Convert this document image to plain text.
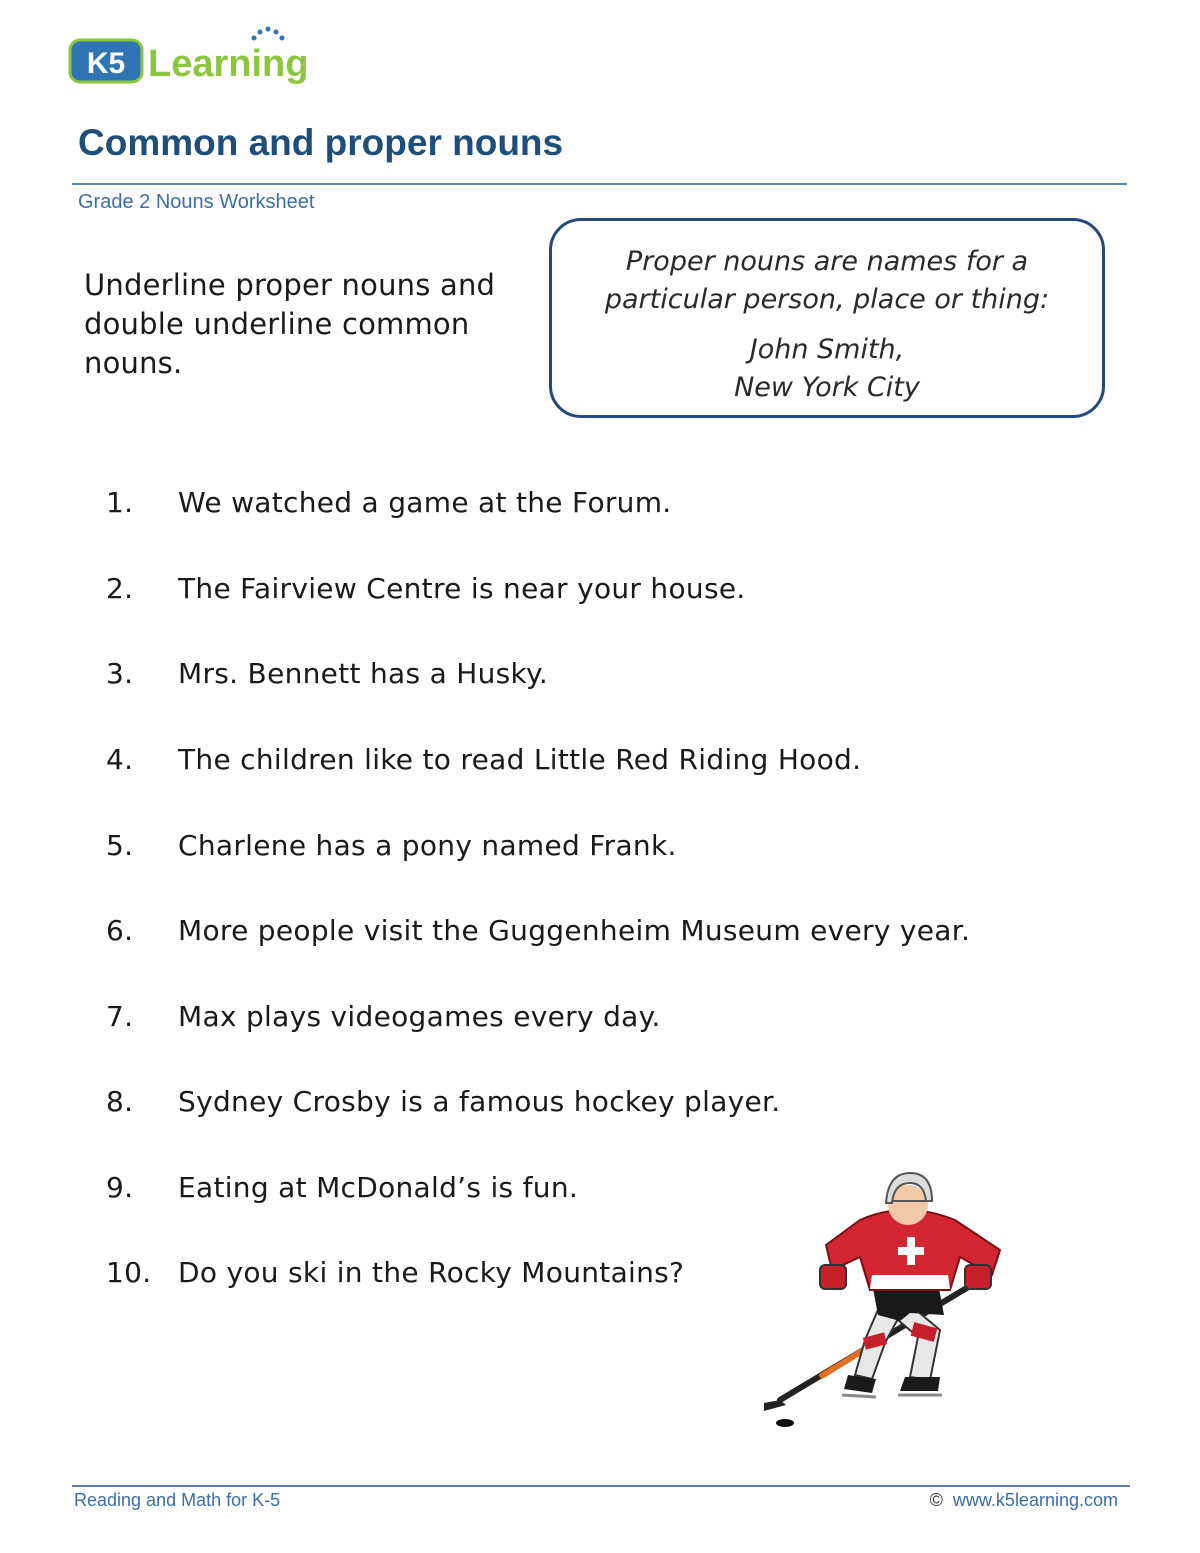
K5 Learning
Common and proper nouns
Grade 2 Nouns Worksheet
Underline proper nouns and double underline common nouns.
Proper nouns are names for a
particular person, place or thing:
John Smith,
New York City
1. We watched a game at the Forum.
2. The Fairview Centre is near your house.
3. Mrs. Bennett has a Husky.
4. The children like to read Little Red Riding Hood.
5. Charlene has a pony named Frank.
6. More people visit the Guggenheim Museum every year.
7. Max plays videogames every day.
8. Sydney Crosby is a famous hockey player.
9. Eating at McDonald’s is fun.
10. Do you ski in the Rocky Mountains?
Reading and Math for K-5	© www.k5learning.com
